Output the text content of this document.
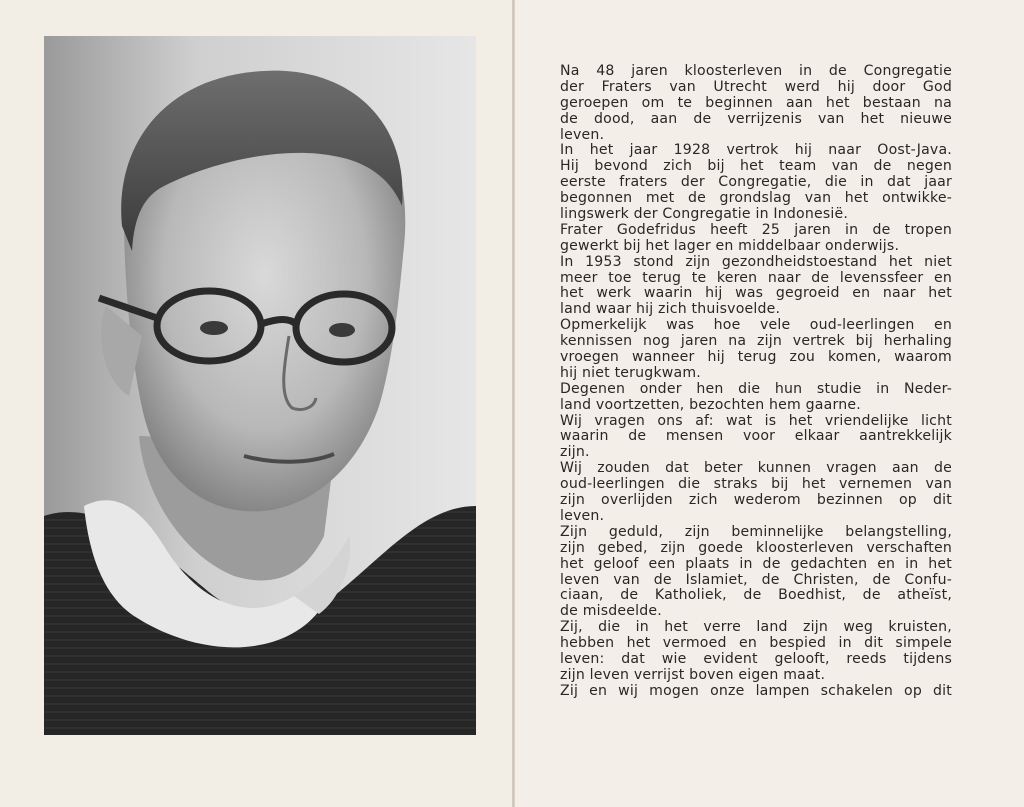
Na 48 jaren kloosterleven in de Congregatie
der Fraters van Utrecht werd hij door God
geroepen om te beginnen aan het bestaan na
de dood, aan de verrijzenis van het nieuwe
leven.
In het jaar 1928 vertrok hij naar Oost-Java.
Hij bevond zich bij het team van de negen
eerste fraters der Congregatie, die in dat jaar
begonnen met de grondslag van het ontwikke-
lingswerk der Congregatie in Indonesië.
Frater Godefridus heeft 25 jaren in de tropen
gewerkt bij het lager en middelbaar onderwijs.
In 1953 stond zijn gezondheidstoestand het niet
meer toe terug te keren naar de levenssfeer en
het werk waarin hij was gegroeid en naar het
land waar hij zich thuisvoelde.
Opmerkelijk was hoe vele oud-leerlingen en
kennissen nog jaren na zijn vertrek bij herhaling
vroegen wanneer hij terug zou komen, waarom
hij niet terugkwam.
Degenen onder hen die hun studie in Neder-
land voortzetten, bezochten hem gaarne.
Wij vragen ons af: wat is het vriendelijke licht
waarin de mensen voor elkaar aantrekkelijk
zijn.
Wij zouden dat beter kunnen vragen aan de
oud-leerlingen die straks bij het vernemen van
zijn overlijden zich wederom bezinnen op dit
leven.
Zijn geduld, zijn beminnelijke belangstelling,
zijn gebed, zijn goede kloosterleven verschaften
het geloof een plaats in de gedachten en in het
leven van de Islamiet, de Christen, de Confu-
ciaan, de Katholiek, de Boedhist, de atheïst,
de misdeelde.
Zij, die in het verre land zijn weg kruisten,
hebben het vermoed en bespied in dit simpele
leven: dat wie evident gelooft, reeds tijdens
zijn leven verrijst boven eigen maat.
Zij en wij mogen onze lampen schakelen op dit
